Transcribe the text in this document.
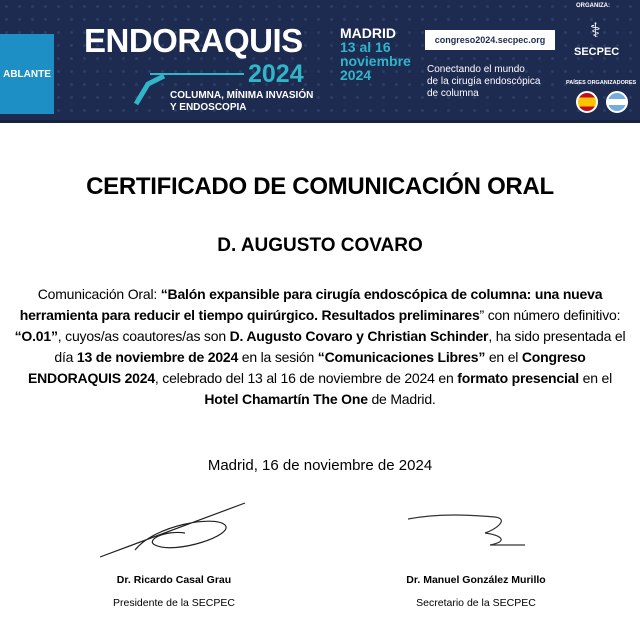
ABLANTE
ENDORAQUIS
2024
COLUMNA, MÍNIMA INVASIÓN
Y ENDOSCOPIA
MADRID
13 al 16
noviembre
2024
congreso2024.secpec.org
Conectando el mundo
de la cirugía endoscópica
de columna
ORGANIZA:
⚕
SECPEC
PAÍSES ORGANIZADORES
CERTIFICADO DE COMUNICACIÓN ORAL
D. AUGUSTO COVARO
Comunicación Oral: “Balón expansible para cirugía endoscópica de columna: una nueva herramienta para reducir el tiempo quirúrgico. Resultados preliminares” con número definitivo: “O.01”, cuyos/as coautores/as son D. Augusto Covaro y Christian Schinder, ha sido presentada el día 13 de noviembre de 2024 en la sesión “Comunicaciones Libres” en el Congreso ENDORAQUIS 2024, celebrado del 13 al 16 de noviembre de 2024 en formato presencial en el Hotel Chamartín The One de Madrid.
Madrid, 16 de noviembre de 2024
Dr. Ricardo Casal Grau
Presidente de la SECPEC
Dr. Manuel González Murillo
Secretario de la SECPEC
